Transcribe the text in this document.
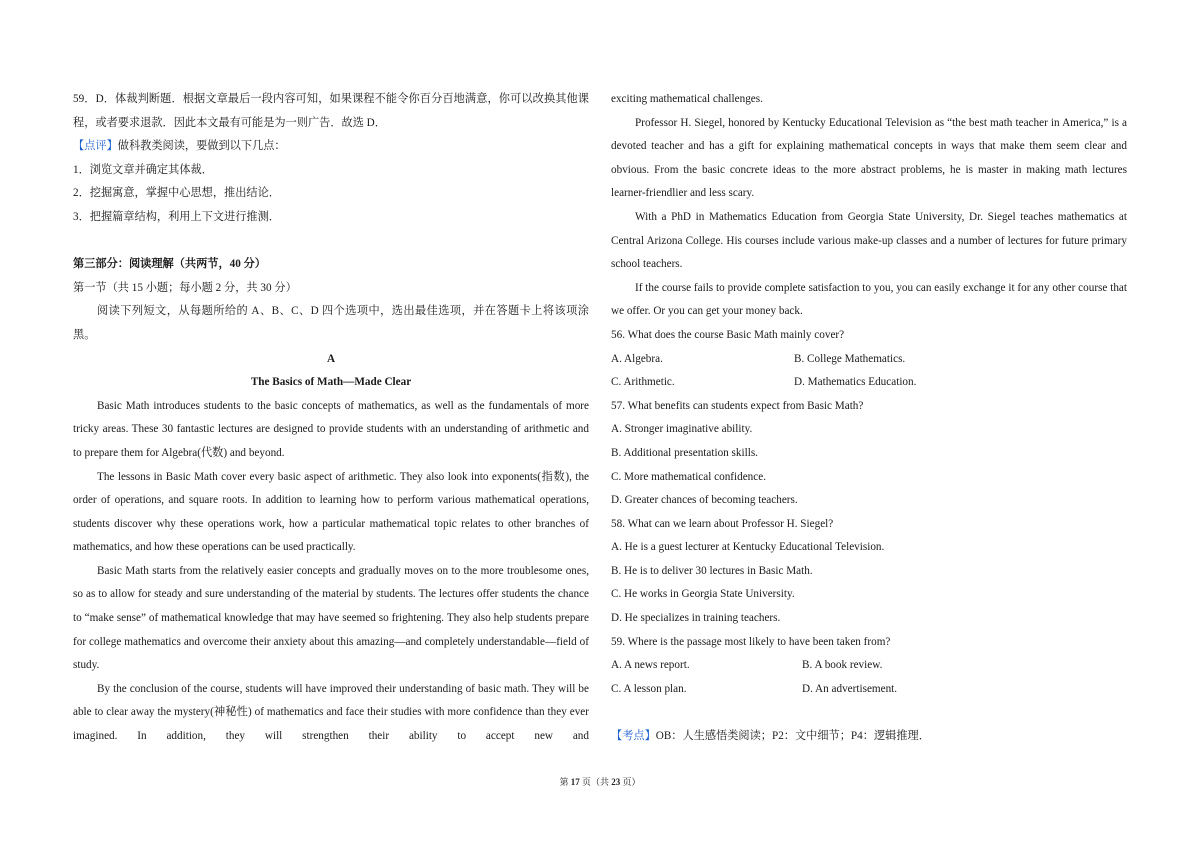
59．D．体裁判断题．根据文章最后一段内容可知，如果课程不能令你百分百地满意，你可以改换其他课程，或者要求退款．因此本文最有可能是为一则广告．故选 D．

【点评】做科教类阅读，要做到以下几点：

1．浏览文章并确定其体裁．

2．挖掘寓意，掌握中心思想，推出结论．

3．把握篇章结构，利用上下文进行推测．

第三部分：阅读理解（共两节，40 分）

第一节（共 15 小题；每小题 2 分，共 30 分）

阅读下列短文，从每题所给的 A、B、C、D 四个选项中，选出最佳选项，并在答题卡上将该项涂黑。

A

The Basics of Math—Made Clear

Basic Math introduces students to the basic concepts of mathematics, as well as the fundamentals of more tricky areas. These 30 fantastic lectures are designed to provide students with an understanding of arithmetic and to prepare them for Algebra(代数) and beyond.

The lessons in Basic Math cover every basic aspect of arithmetic. They also look into exponents(指数), the order of operations, and square roots. In addition to learning how to perform various mathematical operations, students discover why these operations work, how a particular mathematical topic relates to other branches of mathematics, and how these operations can be used practically.

Basic Math starts from the relatively easier concepts and gradually moves on to the more troublesome ones, so as to allow for steady and sure understanding of the material by students. The lectures offer students the chance to “make sense” of mathematical knowledge that may have seemed so frightening. They also help students prepare for college mathematics and overcome their anxiety about this amazing—and completely understandable—field of study.

By the conclusion of the course, students will have improved their understanding of basic math. They will be able to clear away the mystery(神秘性) of mathematics and face their studies with more confidence than they ever imagined. In addition, they will strengthen their ability to accept new and

exciting mathematical challenges.

Professor H. Siegel, honored by Kentucky Educational Television as “the best math teacher in America,” is a devoted teacher and has a gift for explaining mathematical concepts in ways that make them seem clear and obvious. From the basic concrete ideas to the more abstract problems, he is master in making math lectures learner-friendlier and less scary.

With a PhD in Mathematics Education from Georgia State University, Dr. Siegel teaches mathematics at Central Arizona College. His courses include various make-up classes and a number of lectures for future primary school teachers.

If the course fails to provide complete satisfaction to you, you can easily exchange it for any other course that we offer. Or you can get your money back.

56. What does the course Basic Math mainly cover?

A. Algebra.	B. College Mathematics.
C. Arithmetic.	D. Mathematics Education.

57. What benefits can students expect from Basic Math?

A. Stronger imaginative ability.

B. Additional presentation skills.

C. More mathematical confidence.

D. Greater chances of becoming teachers.

58. What can we learn about Professor H. Siegel?

A. He is a guest lecturer at Kentucky Educational Television.

B. He is to deliver 30 lectures in Basic Math.

C. He works in Georgia State University.

D. He specializes in training teachers.

59. Where is the passage most likely to have been taken from?

A. A news report.	B. A book review.
C. A lesson plan.	D. An advertisement.

【考点】OB：人生感悟类阅读；P2：文中细节；P4：逻辑推理．

第 17 页（共 23 页）
